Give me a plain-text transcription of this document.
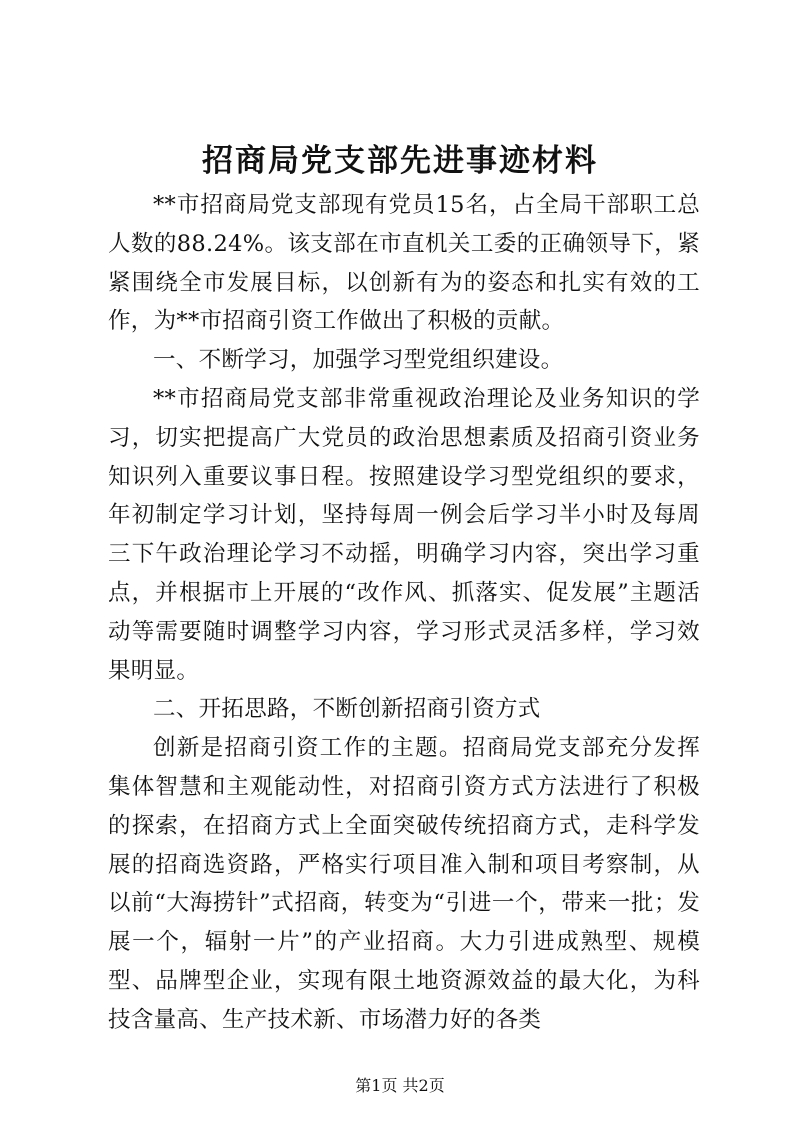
招商局党支部先进事迹材料

**市招商局党支部现有党员15名，占全局干部职工总人数的88.24%。该支部在市直机关工委的正确领导下，紧紧围绕全市发展目标，以创新有为的姿态和扎实有效的工作，为**市招商引资工作做出了积极的贡献。

一、不断学习，加强学习型党组织建设。

**市招商局党支部非常重视政治理论及业务知识的学习，切实把提高广大党员的政治思想素质及招商引资业务知识列入重要议事日程。按照建设学习型党组织的要求，年初制定学习计划，坚持每周一例会后学习半小时及每周三下午政治理论学习不动摇，明确学习内容，突出学习重点，并根据市上开展的“改作风、抓落实、促发展”主题活动等需要随时调整学习内容，学习形式灵活多样，学习效果明显。

二、开拓思路，不断创新招商引资方式

创新是招商引资工作的主题。招商局党支部充分发挥集体智慧和主观能动性，对招商引资方式方法进行了积极的探索，在招商方式上全面突破传统招商方式，走科学发展的招商选资路，严格实行项目准入制和项目考察制，从以前“大海捞针”式招商，转变为“引进一个，带来一批；发展一个，辐射一片”的产业招商。大力引进成熟型、规模型、品牌型企业，实现有限土地资源效益的最大化，为科技含量高、生产技术新、市场潜力好的各类

第1页 共2页
